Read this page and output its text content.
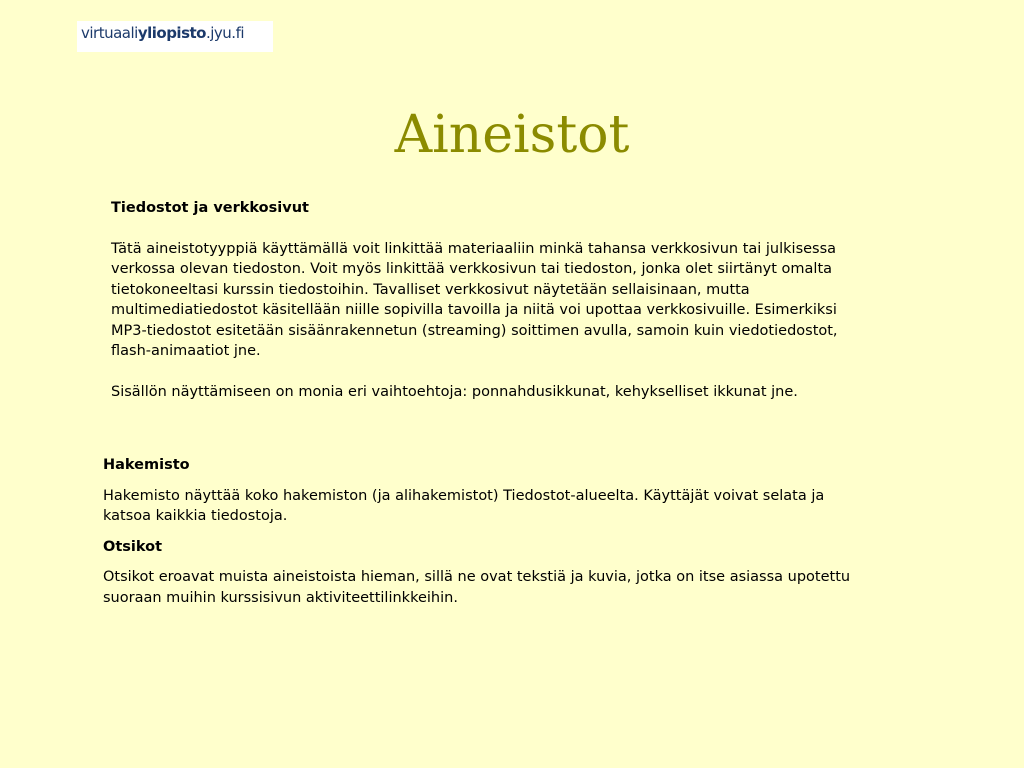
virtuaaliyliopisto.jyu.fi
Aineistot
Tiedostot ja verkkosivut

Tätä aineistotyyppiä käyttämällä voit linkittää materiaaliin minkä tahansa verkkosivun tai julkisessa verkossa olevan tiedoston. Voit myös linkittää verkkosivun tai tiedoston, jonka olet siirtänyt omalta tietokoneeltasi kurssin tiedostoihin. Tavalliset verkkosivut näytetään sellaisinaan, mutta multimediatiedostot käsitellään niille sopivilla tavoilla ja niitä voi upottaa verkkosivuille. Esimerkiksi MP3-tiedostot esitetään sisäänrakennetun (streaming) soittimen avulla, samoin kuin viedotiedostot, flash-animaatiot jne.

Sisällön näyttämiseen on monia eri vaihtoehtoja: ponnahdusikkunat, kehykselliset ikkunat jne.

Hakemisto

Hakemisto näyttää koko hakemiston (ja alihakemistot) Tiedostot-alueelta. Käyttäjät voivat selata ja katsoa kaikkia tiedostoja.

Otsikot

Otsikot eroavat muista aineistoista hieman, sillä ne ovat tekstiä ja kuvia, jotka on itse asiassa upotettu suoraan muihin kurssisivun aktiviteettilinkkeihin.
